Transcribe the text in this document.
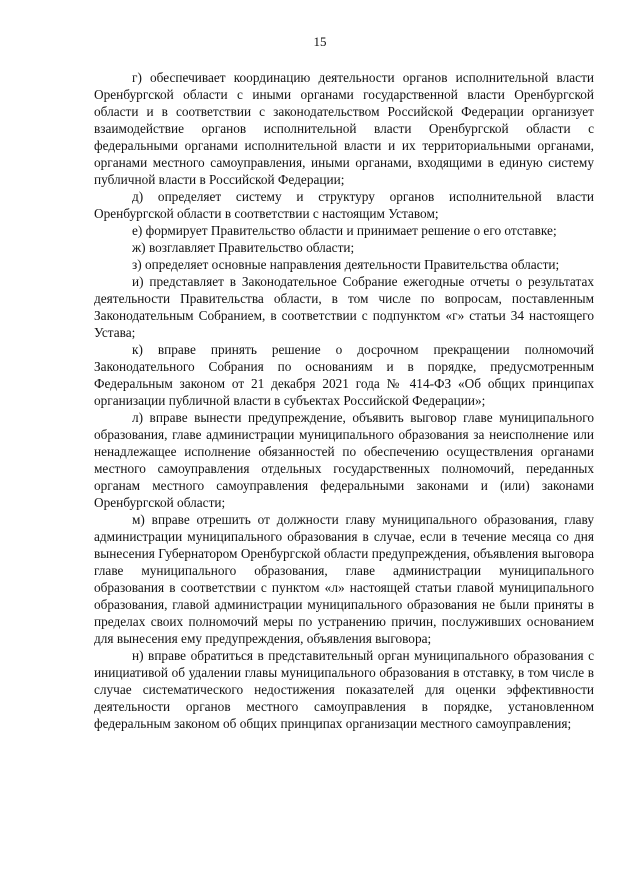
15

г) обеспечивает координацию деятельности органов исполнительной власти Оренбургской области с иными органами государственной власти Оренбургской области и в соответствии с законодательством Российской Федерации организует взаимодействие органов исполнительной власти Оренбургской области с федеральными органами исполнительной власти и их территориальными органами, органами местного самоуправления, иными органами, входящими в единую систему публичной власти в Российской Федерации;

д) определяет систему и структуру органов исполнительной власти Оренбургской области в соответствии с настоящим Уставом;

е) формирует Правительство области и принимает решение о его отставке;

ж) возглавляет Правительство области;

з) определяет основные направления деятельности Правительства области;

и) представляет в Законодательное Собрание ежегодные отчеты о результатах деятельности Правительства области, в том числе по вопросам, поставленным Законодательным Собранием, в соответствии с подпунктом «г» статьи 34 настоящего Устава;

к) вправе принять решение о досрочном прекращении полномочий Законодательного Собрания по основаниям и в порядке, предусмотренным Федеральным законом от 21 декабря 2021 года № 414-ФЗ «Об общих принципах организации публичной власти в субъектах Российской Федерации»;

л) вправе вынести предупреждение, объявить выговор главе муниципального образования, главе администрации муниципального образования за неисполнение или ненадлежащее исполнение обязанностей по обеспечению осуществления органами местного самоуправления отдельных государственных полномочий, переданных органам местного самоуправления федеральными законами и (или) законами Оренбургской области;

м) вправе отрешить от должности главу муниципального образования, главу администрации муниципального образования в случае, если в течение месяца со дня вынесения Губернатором Оренбургской области предупреждения, объявления выговора главе муниципального образования, главе администрации муниципального образования в соответствии с пунктом «л» настоящей статьи главой муниципального образования, главой администрации муниципального образования не были приняты в пределах своих полномочий меры по устранению причин, послуживших основанием для вынесения ему предупреждения, объявления выговора;

н) вправе обратиться в представительный орган муниципального образования с инициативой об удалении главы муниципального образования в отставку, в том числе в случае систематического недостижения показателей для оценки эффективности деятельности органов местного самоуправления в порядке, установленном федеральным законом об общих принципах организации местного самоуправления;
